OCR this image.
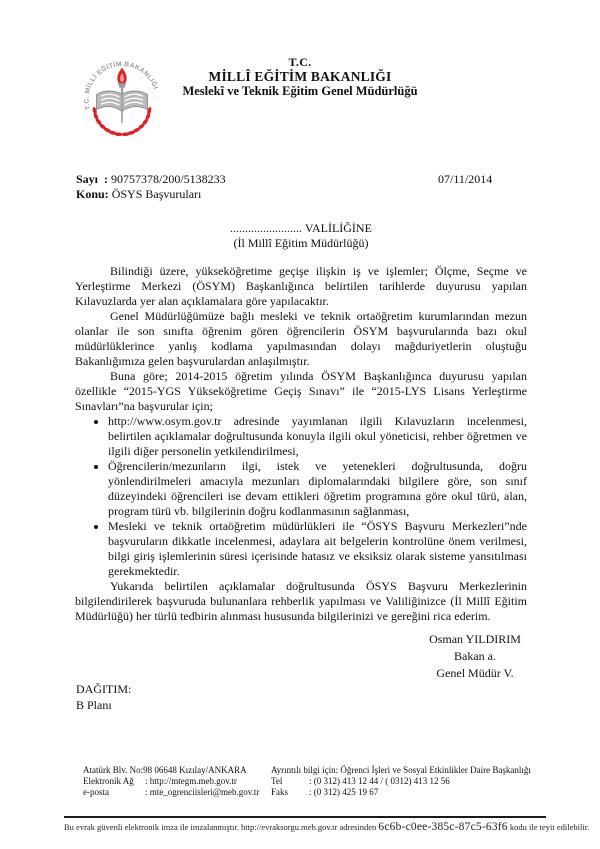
T.C. MİLLİ EĞİTİM BAKANLIĞI
T.C.
MİLLÎ EĞİTİM BAKANLIĞI
Meslekî ve Teknik Eğitim Genel Müdürlüğü
Sayı  : 90757378/200/5138233
Konu: ÖSYS Başvuruları
07/11/2014
........................ VALİLİĞİNE
(İl Millî Eğitim Müdürlüğü)

Bilindiği üzere, yükseköğretime geçişe ilişkin iş ve işlemler; Ölçme, Seçme ve Yerleştirme Merkezi (ÖSYM) Başkanlığınca belirtilen tarihlerde duyurusu yapılan Kılavuzlarda yer alan açıklamalara göre yapılacaktır.

Genel Müdürlüğümüze bağlı mesleki ve teknik ortaöğretim kurumlarından mezun olanlar ile son sınıfta öğrenim gören öğrencilerin ÖSYM başvurularında bazı okul müdürlüklerince yanlış kodlama yapılmasından dolayı mağduriyetlerin oluştuğu Bakanlığımıza gelen başvurulardan anlaşılmıştır.

Buna göre; 2014-2015 öğretim yılında ÖSYM Başkanlığınca duyurusu yapılan özellikle “2015-YGS Yükseköğretime Geçiş Sınavı” ile “2015-LYS Lisans Yerleştirme Sınavları”na başvurular için;

• http://www.osym.gov.tr adresinde yayımlanan ilgili Kılavuzların incelenmesi, belirtilen açıklamalar doğrultusunda konuyla ilgili okul yöneticisi, rehber öğretmen ve ilgili diğer personelin yetkilendirilmesi,
• Öğrencilerin/mezunların ilgi, istek ve yetenekleri doğrultusunda, doğru yönlendirilmeleri amacıyla mezunları diplomalarındaki bilgilere göre, son sınıf düzeyindeki öğrencileri ise devam ettikleri öğretim programına göre okul türü, alan, program türü vb. bilgilerinin doğru kodlanmasının sağlanması,
• Mesleki ve teknik ortaöğretim müdürlükleri ile “ÖSYS Başvuru Merkezleri”nde başvuruların dikkatle incelenmesi, adaylara ait belgelerin kontrolüne önem verilmesi, bilgi giriş işlemlerinin süresi içerisinde hatasız ve eksiksiz olarak sisteme yansıtılması gerekmektedir.

Yukarıda belirtilen açıklamalar doğrultusunda ÖSYS Başvuru Merkezlerinin bilgilendirilerek başvuruda bulunanlara rehberlik yapılması ve Valiliğinizce (İl Millî Eğitim Müdürlüğü) her türlü tedbirin alınması hususunda bilgilerinizi ve gereğini rica ederim.

Osman YILDIRIM
Bakan a.
Genel Müdür V.
DAĞITIM:
B Planı
Atatürk Blv. No:98 06648 Kızılay/ANKARA
Elektronik Ağ : http://mtegm.meb.gov.tr
e-posta	: mte_ogrenciisleri@meb.gov.tr
Ayrıntılı bilgi için: Öğrenci İşleri ve Sosyal Etkinlikler Daire Başkanlığı
Tel	: (0 312) 413 12 44 / ( 0312) 413 12 56
Faks : (0 312) 425 19 67
Bu evrak güvenli elektronik imza ile imzalanmıştır. http://evraksorgu.meb.gov.tr adresinden 6c6b-c0ee-385c-87c5-63f6 kodu ile teyit edilebilir.
